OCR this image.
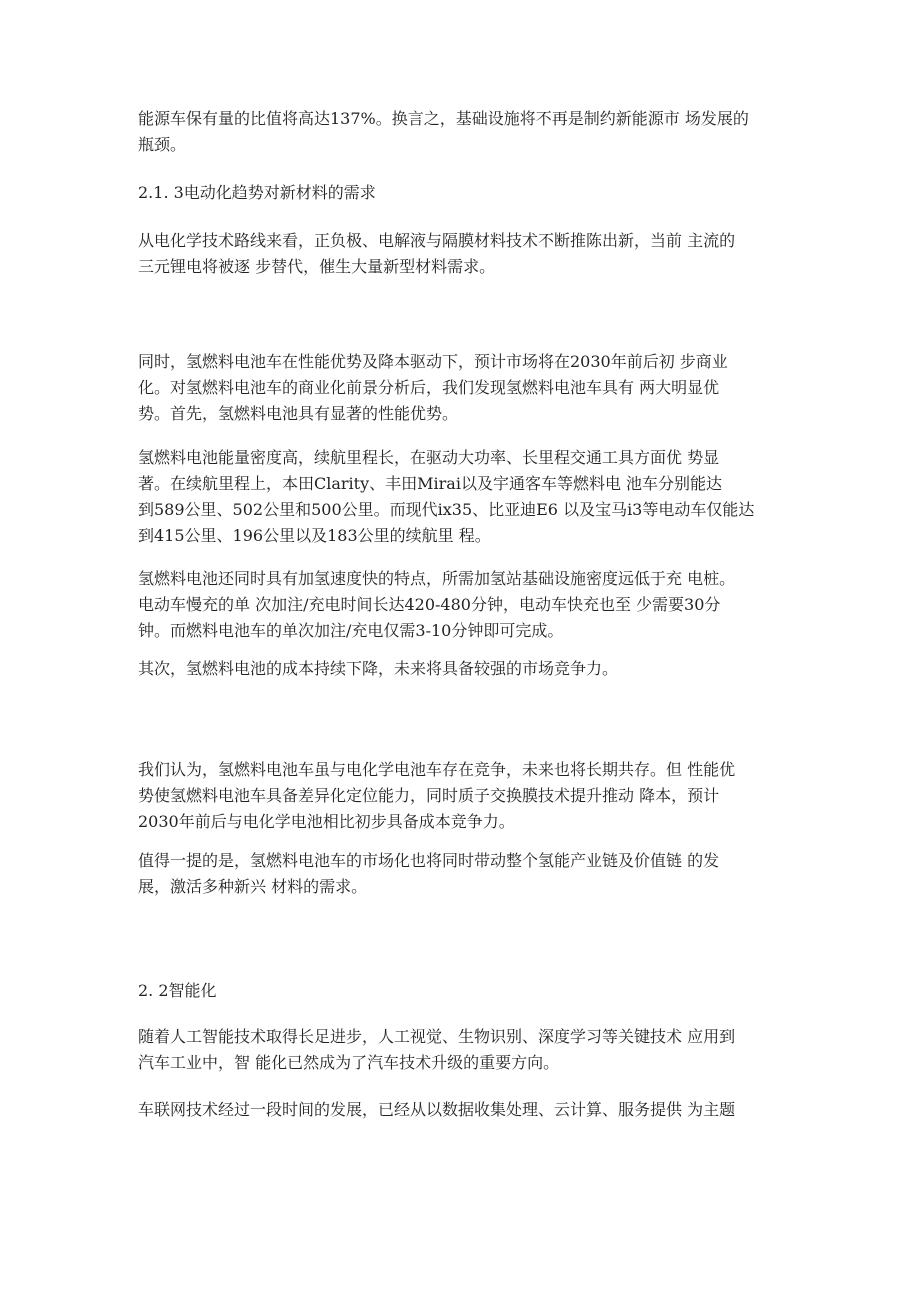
能源车保有量的比值将高达137%。换言之，基础设施将不再是制约新能源市 场发展的
瓶颈。
2.1. 3电动化趋势对新材料的需求
从电化学技术路线来看，正负极、电解液与隔膜材料技术不断推陈出新，当前 主流的
三元锂电将被逐 步替代，催生大量新型材料需求。
同时，氢燃料电池车在性能优势及降本驱动下，预计市场将在2030年前后初 步商业
化。对氢燃料电池车的商业化前景分析后，我们发现氢燃料电池车具有 两大明显优
势。首先，氢燃料电池具有显著的性能优势。
氢燃料电池能量密度高，续航里程长，在驱动大功率、长里程交通工具方面优 势显
著。在续航里程上，本田Clarity、丰田Mirai以及宇通客车等燃料电 池车分别能达
到589公里、502公里和500公里。而现代ix35、比亚迪E6 以及宝马i3等电动车仅能达
到415公里、196公里以及183公里的续航里 程。
氢燃料电池还同时具有加氢速度快的特点，所需加氢站基础设施密度远低于充 电桩。
电动车慢充的单 次加注/充电时间长达420-480分钟，电动车快充也至 少需要30分
钟。而燃料电池车的单次加注/充电仅需3-10分钟即可完成。
其次，氢燃料电池的成本持续下降，未来将具备较强的市场竞争力。
我们认为，氢燃料电池车虽与电化学电池车存在竞争，未来也将长期共存。但 性能优
势使氢燃料电池车具备差异化定位能力，同时质子交换膜技术提升推动 降本，预计
2030年前后与电化学电池相比初步具备成本竞争力。
值得一提的是，氢燃料电池车的市场化也将同时带动整个氢能产业链及价值链 的发
展，激活多种新兴 材料的需求。
2. 2智能化
随着人工智能技术取得长足进步，人工视觉、生物识别、深度学习等关键技术 应用到
汽车工业中，智 能化已然成为了汽车技术升级的重要方向。
车联网技术经过一段时间的发展，已经从以数据收集处理、云计算、服务提供 为主题
